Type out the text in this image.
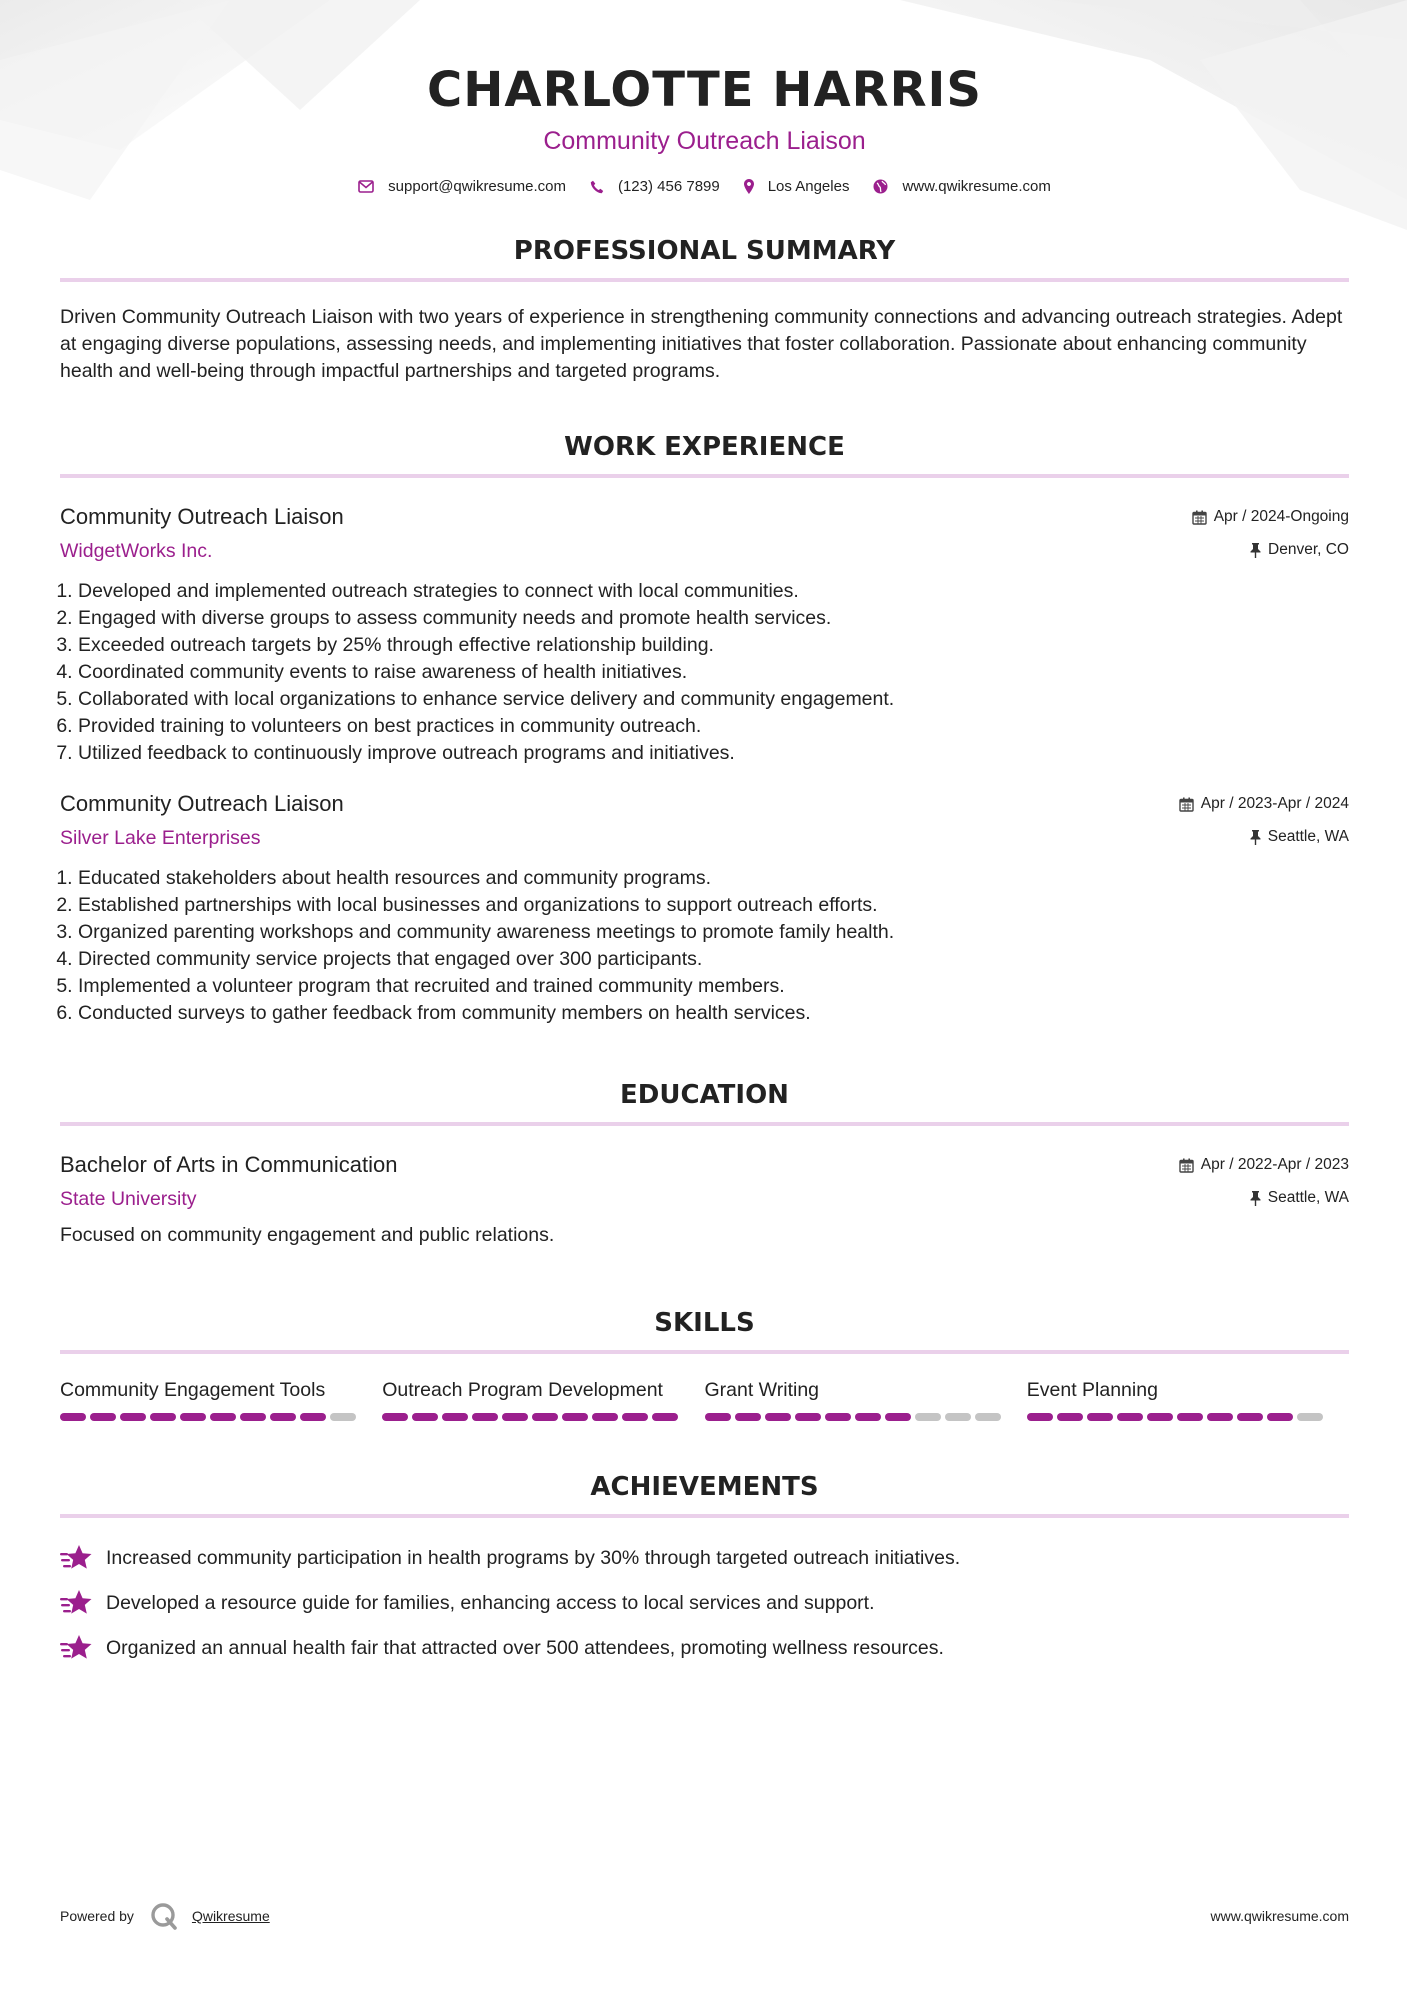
CHARLOTTE HARRIS
Community Outreach Liaison
support@qwikresume.com	(123) 456 7899	Los Angeles	www.qwikresume.com
PROFESSIONAL SUMMARY
Driven Community Outreach Liaison with two years of experience in strengthening community connections and advancing outreach strategies. Adept at engaging diverse populations, assessing needs, and implementing initiatives that foster collaboration. Passionate about enhancing community health and well-being through impactful partnerships and targeted programs.
WORK EXPERIENCE
Community Outreach Liaison
WidgetWorks Inc.
Apr / 2024-Ongoing
Denver, CO
1. Developed and implemented outreach strategies to connect with local communities.
2. Engaged with diverse groups to assess community needs and promote health services.
3. Exceeded outreach targets by 25% through effective relationship building.
4. Coordinated community events to raise awareness of health initiatives.
5. Collaborated with local organizations to enhance service delivery and community engagement.
6. Provided training to volunteers on best practices in community outreach.
7. Utilized feedback to continuously improve outreach programs and initiatives.
Community Outreach Liaison
Silver Lake Enterprises
Apr / 2023-Apr / 2024
Seattle, WA
1. Educated stakeholders about health resources and community programs.
2. Established partnerships with local businesses and organizations to support outreach efforts.
3. Organized parenting workshops and community awareness meetings to promote family health.
4. Directed community service projects that engaged over 300 participants.
5. Implemented a volunteer program that recruited and trained community members.
6. Conducted surveys to gather feedback from community members on health services.
EDUCATION
Bachelor of Arts in Communication
State University
Apr / 2022-Apr / 2023
Seattle, WA
Focused on community engagement and public relations.
SKILLS
Community Engagement Tools	Outreach Program Development	Grant Writing	Event Planning
ACHIEVEMENTS
Increased community participation in health programs by 30% through targeted outreach initiatives.
Developed a resource guide for families, enhancing access to local services and support.
Organized an annual health fair that attracted over 500 attendees, promoting wellness resources.
Powered by	Qwikresume	www.qwikresume.com
